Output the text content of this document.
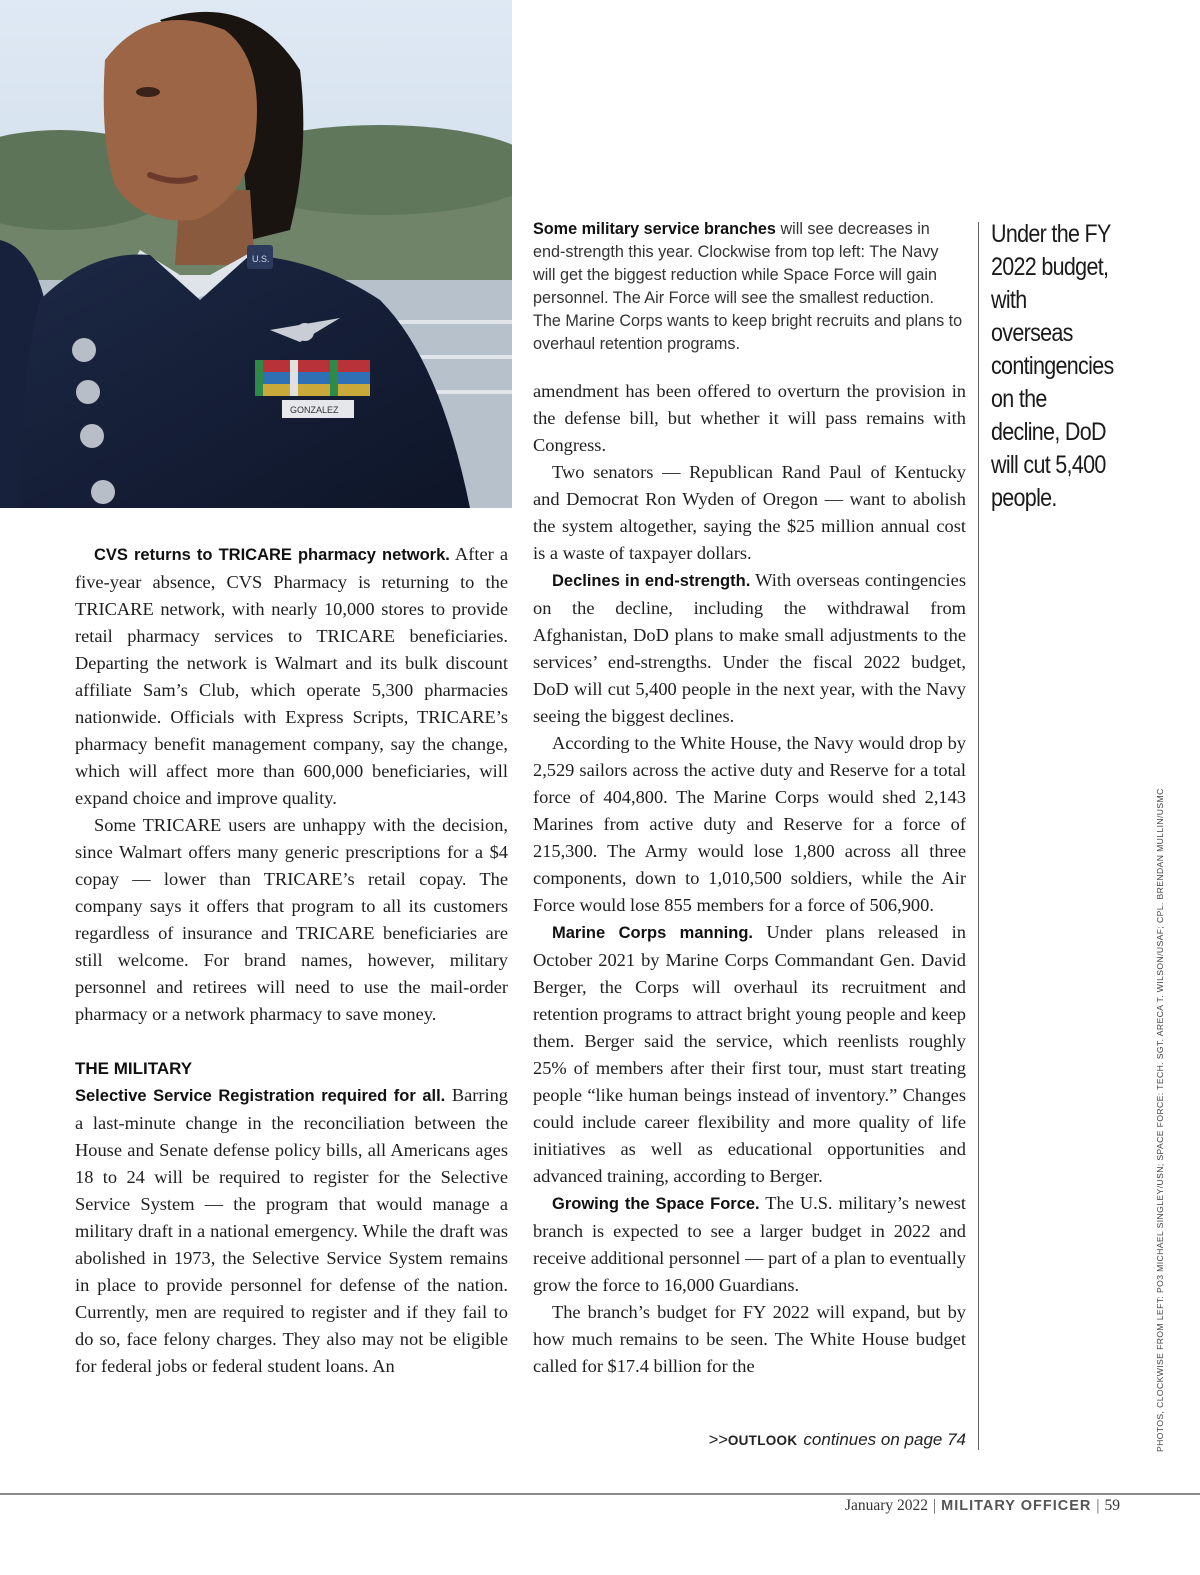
U.S.
GONZALEZ
Some military service branches will see decreases in end-strength this year. Clockwise from top left: The Navy will get the biggest reduction while Space Force will gain personnel. The Air Force will see the smallest reduction. The Marine Corps wants to keep bright recruits and plans to overhaul retention programs.
Under the FY 2022 budget, with overseas contingencies on the decline, DoD will cut 5,400 people.

CVS returns to TRICARE pharmacy network. After a five-year absence, CVS Pharmacy is returning to the TRICARE network, with nearly 10,000 stores to provide retail pharmacy services to TRICARE beneficiaries. Departing the network is Walmart and its bulk discount affiliate Sam’s Club, which operate 5,300 pharmacies nationwide. Officials with Express Scripts, TRICARE’s pharmacy benefit management company, say the change, which will affect more than 600,000 beneficiaries, will expand choice and improve quality.

Some TRICARE users are unhappy with the decision, since Walmart offers many generic prescriptions for a $4 copay — lower than TRICARE’s retail copay. The company says it offers that program to all its customers regardless of insurance and TRICARE beneficiaries are still welcome. For brand names, however, military personnel and retirees will need to use the mail-order pharmacy or a network pharmacy to save money.

THE MILITARY

Selective Service Registration required for all. Barring a last-minute change in the reconciliation between the House and Senate defense policy bills, all Americans ages 18 to 24 will be required to register for the Selective Service System — the program that would manage a military draft in a national emergency. While the draft was abolished in 1973, the Selective Service System remains in place to provide personnel for defense of the nation. Currently, men are required to register and if they fail to do so, face felony charges. They also may not be eligible for federal jobs or federal student loans. An

amendment has been offered to overturn the provision in the defense bill, but whether it will pass remains with Congress.

Two senators — Republican Rand Paul of Kentucky and Democrat Ron Wyden of Oregon — want to abolish the system altogether, saying the $25 million annual cost is a waste of taxpayer dollars.

Declines in end-strength. With overseas contingencies on the decline, including the withdrawal from Afghanistan, DoD plans to make small adjustments to the services’ end-strengths. Under the fiscal 2022 budget, DoD will cut 5,400 people in the next year, with the Navy seeing the biggest declines.

According to the White House, the Navy would drop by 2,529 sailors across the active duty and Reserve for a total force of 404,800. The Marine Corps would shed 2,143 Marines from active duty and Reserve for a force of 215,300. The Army would lose 1,800 across all three components, down to 1,010,500 soldiers, while the Air Force would lose 855 members for a force of 506,900.

Marine Corps manning. Under plans released in October 2021 by Marine Corps Commandant Gen. David Berger, the Corps will overhaul its recruitment and retention programs to attract bright young people and keep them. Berger said the service, which reenlists roughly 25% of members after their first tour, must start treating people “like human beings instead of inventory.” Changes could include career flexibility and more quality of life initiatives as well as educational opportunities and advanced training, according to Berger.

Growing the Space Force. The U.S. military’s newest branch is expected to see a larger budget in 2022 and receive additional personnel — part of a plan to eventually grow the force to 16,000 Guardians.

The branch’s budget for FY 2022 will expand, but by how much remains to be seen. The White House budget called for $17.4 billion for the

>>OUTLOOK continues on page 74	PHOTOS, CLOCKWISE FROM LEFT: PO3 MICHAEL SINGLEY/USN; SPACE FORCE: TECH. SGT. ARECA T. WILSON/USAF; CPL. BRENDAN MULLIN/USMC
January 2022 | MILITARY OFFICER | 59
